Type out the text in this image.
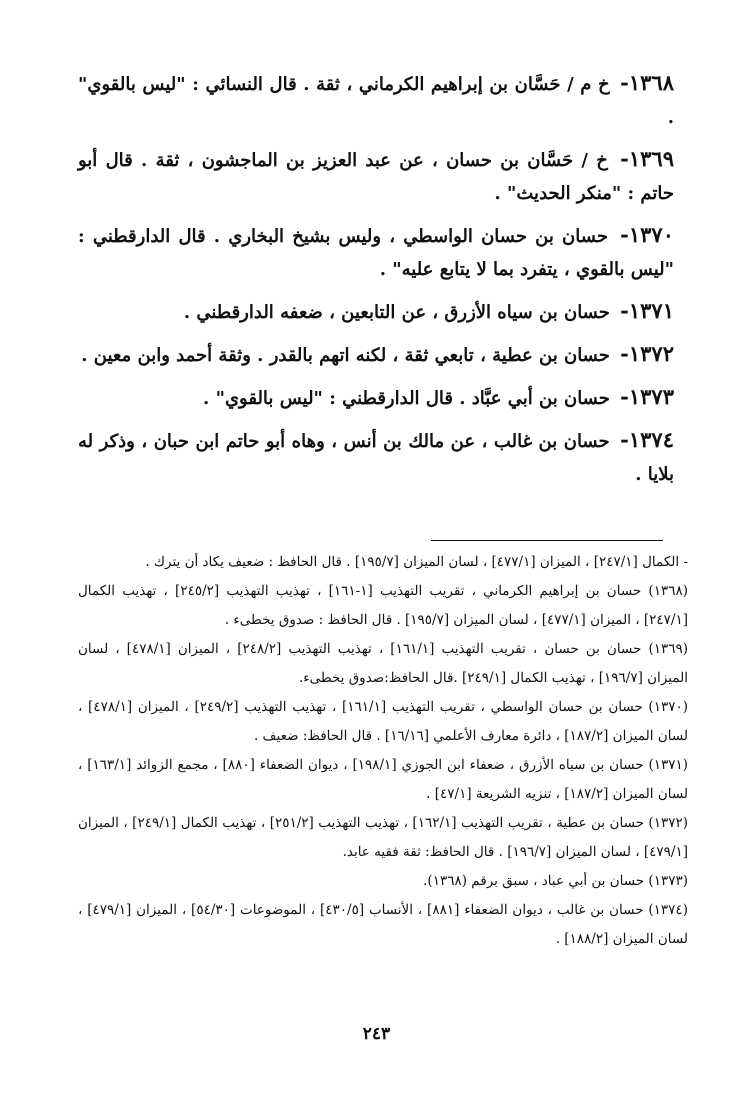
١٣٦٨- خ م / حَسَّان بن إبراهيم الكرماني ، ثقة . قال النسائي : "ليس بالقوي" .
١٣٦٩- خ / حَسَّان بن حسان ، عن عبد العزيز بن الماجشون ، ثقة . قال أبو حاتم : "منكر الحديث" .
١٣٧٠- حسان بن حسان الواسطي ، وليس بشيخ البخاري . قال الدارقطني : "ليس بالقوي ، يتفرد بما لا يتابع عليه" .
١٣٧١- حسان بن سياه الأزرق ، عن التابعين ، ضعفه الدارقطني .
١٣٧٢- حسان بن عطية ، تابعي ثقة ، لكنه اتهم بالقدر . وثقة أحمد وابن معين .
١٣٧٣- حسان بن أبي عبَّاد . قال الدارقطني : "ليس بالقوي" .
١٣٧٤- حسان بن غالب ، عن مالك بن أنس ، وهاه أبو حاتم ابن حبان ، وذكر له بلايا .
- الكمال [٢٤٧/١] ، الميزان [٤٧٧/١] ، لسان الميزان [١٩٥/٧] . قال الحافظ : ضعيف يكاد أن يترك .
(١٣٦٨) حسان بن إبراهيم الكرماني ، تقريب التهذيب [١-١٦١] ، تهذيب التهذيب [٢٤٥/٢] ، تهذيب الكمال [٢٤٧/١] ، الميزان [٤٧٧/١] ، لسان الميزان [١٩٥/٧] . قال الحافظ : صدوق يخطىء .
(١٣٦٩) حسان بن حسان ، تقريب التهذيب [١٦١/١] ، تهذيب التهذيب [٢٤٨/٢] ، الميزان [٤٧٨/١] ، لسان الميزان [١٩٦/٧] ، تهذيب الكمال [٢٤٩/١] .قال الحافظ:صدوق يخطىء.
(١٣٧٠) حسان بن حسان الواسطي ، تقريب التهذيب [١٦١/١] ، تهذيب التهذيب [٢٤٩/٢] ، الميزان [٤٧٨/١] ، لسان الميزان [١٨٧/٢] ، دائرة معارف الأعلمي [١٦/١٦] . قال الحافظ: ضعيف .
(١٣٧١) حسان بن سياه الأزرق ، ضعفاء ابن الجوزي [١٩٨/١] ، ديوان الضعفاء [٨٨٠] ، مجمع الزوائد [١٦٣/١] ، لسان الميزان [١٨٧/٢] ، تنزيه الشريعة [٤٧/١] .
(١٣٧٢) حسان بن عطية ، تقريب التهذيب [١٦٢/١] ، تهذيب التهذيب [٢٥١/٢] ، تهذيب الكمال [٢٤٩/١] ، الميزان [٤٧٩/١] ، لسان الميزان [١٩٦/٧] . قال الحافظ: ثقة فقيه عابد.
(١٣٧٣) حسان بن أبي عباد ، سبق برقم (١٣٦٨).
(١٣٧٤) حسان بن غالب ، ديوان الضعفاء [٨٨١] ، الأنساب [٤٣٠/٥] ، الموضوعات [٥٤/٣٠] ، الميزان [٤٧٩/١] ، لسان الميزان [١٨٨/٢] .
٢٤٣
